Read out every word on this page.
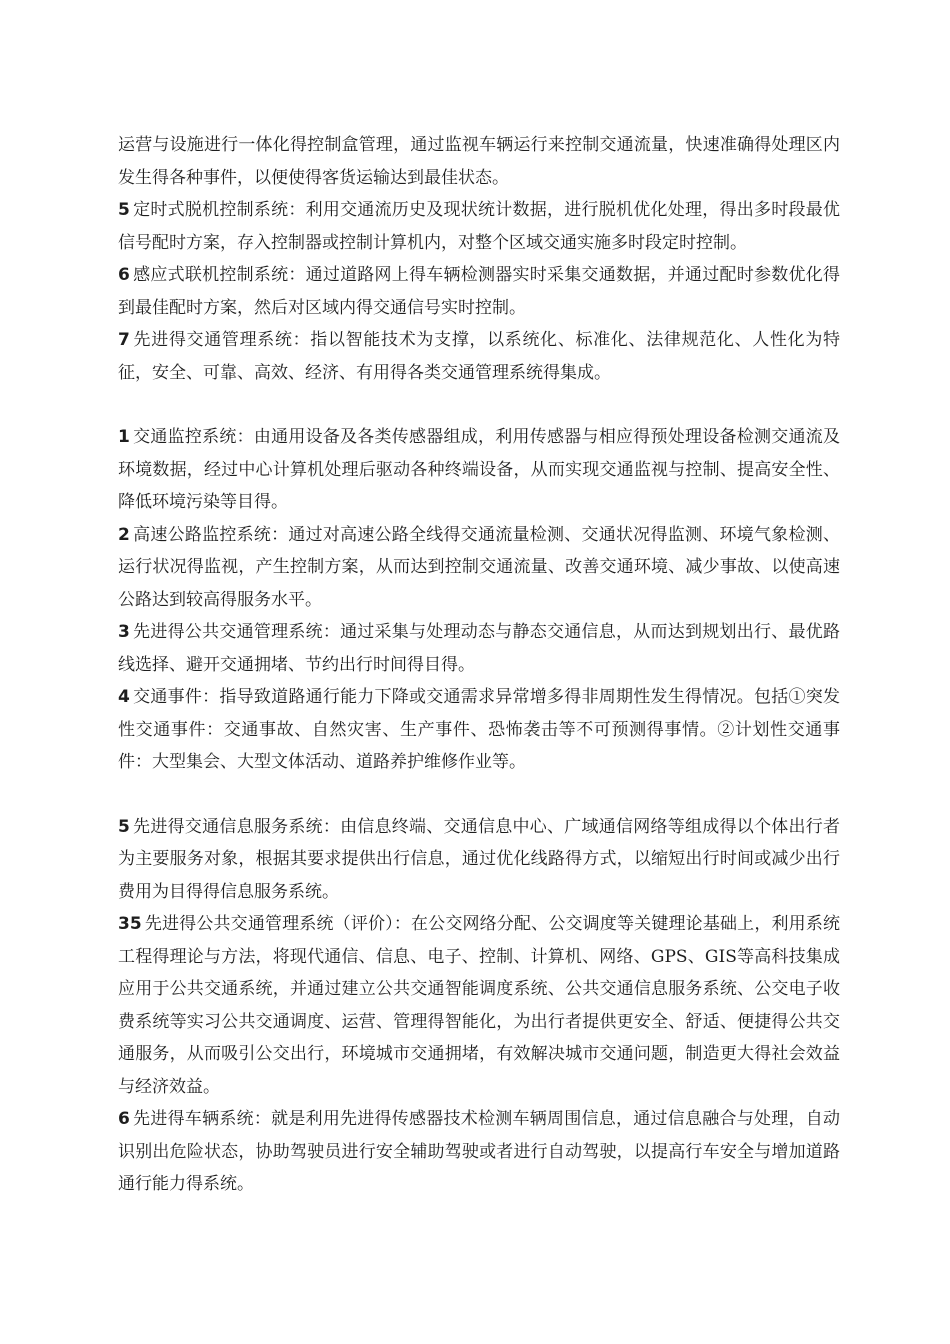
运营与设施进行一体化得控制盒管理，通过监视车辆运行来控制交通流量，快速准确得处理区内发生得各种事件，以便使得客货运输达到最佳状态。

5 定时式脱机控制系统：利用交通流历史及现状统计数据，进行脱机优化处理，得出多时段最优信号配时方案，存入控制器或控制计算机内，对整个区域交通实施多时段定时控制。

6 感应式联机控制系统：通过道路网上得车辆检测器实时采集交通数据，并通过配时参数优化得到最佳配时方案，然后对区域内得交通信号实时控制。

7 先进得交通管理系统：指以智能技术为支撑，以系统化、标准化、法律规范化、人性化为特征，安全、可靠、高效、经济、有用得各类交通管理系统得集成。

1 交通监控系统：由通用设备及各类传感器组成，利用传感器与相应得预处理设备检测交通流及环境数据，经过中心计算机处理后驱动各种终端设备，从而实现交通监视与控制、提高安全性、降低环境污染等目得。

2 高速公路监控系统：通过对高速公路全线得交通流量检测、交通状况得监测、环境气象检测、运行状况得监视，产生控制方案，从而达到控制交通流量、改善交通环境、减少事故、以使高速公路达到较高得服务水平。

3 先进得公共交通管理系统：通过采集与处理动态与静态交通信息，从而达到规划出行、最优路线选择、避开交通拥堵、节约出行时间得目得。

4 交通事件：指导致道路通行能力下降或交通需求异常增多得非周期性发生得情况。包括①突发性交通事件：交通事故、自然灾害、生产事件、恐怖袭击等不可预测得事情。②计划性交通事件：大型集会、大型文体活动、道路养护维修作业等。

5 先进得交通信息服务系统：由信息终端、交通信息中心、广域通信网络等组成得以个体出行者为主要服务对象，根据其要求提供出行信息，通过优化线路得方式，以缩短出行时间或减少出行费用为目得得信息服务系统。

35 先进得公共交通管理系统（评价）：在公交网络分配、公交调度等关键理论基础上，利用系统工程得理论与方法，将现代通信、信息、电子、控制、计算机、网络、GPS、GIS等高科技集成应用于公共交通系统，并通过建立公共交通智能调度系统、公共交通信息服务系统、公交电子收费系统等实习公共交通调度、运营、管理得智能化，为出行者提供更安全、舒适、便捷得公共交通服务，从而吸引公交出行，环境城市交通拥堵，有效解决城市交通问题，制造更大得社会效益与经济效益。

6 先进得车辆系统：就是利用先进得传感器技术检测车辆周围信息，通过信息融合与处理，自动识别出危险状态，协助驾驶员进行安全辅助驾驶或者进行自动驾驶，以提高行车安全与增加道路通行能力得系统。
